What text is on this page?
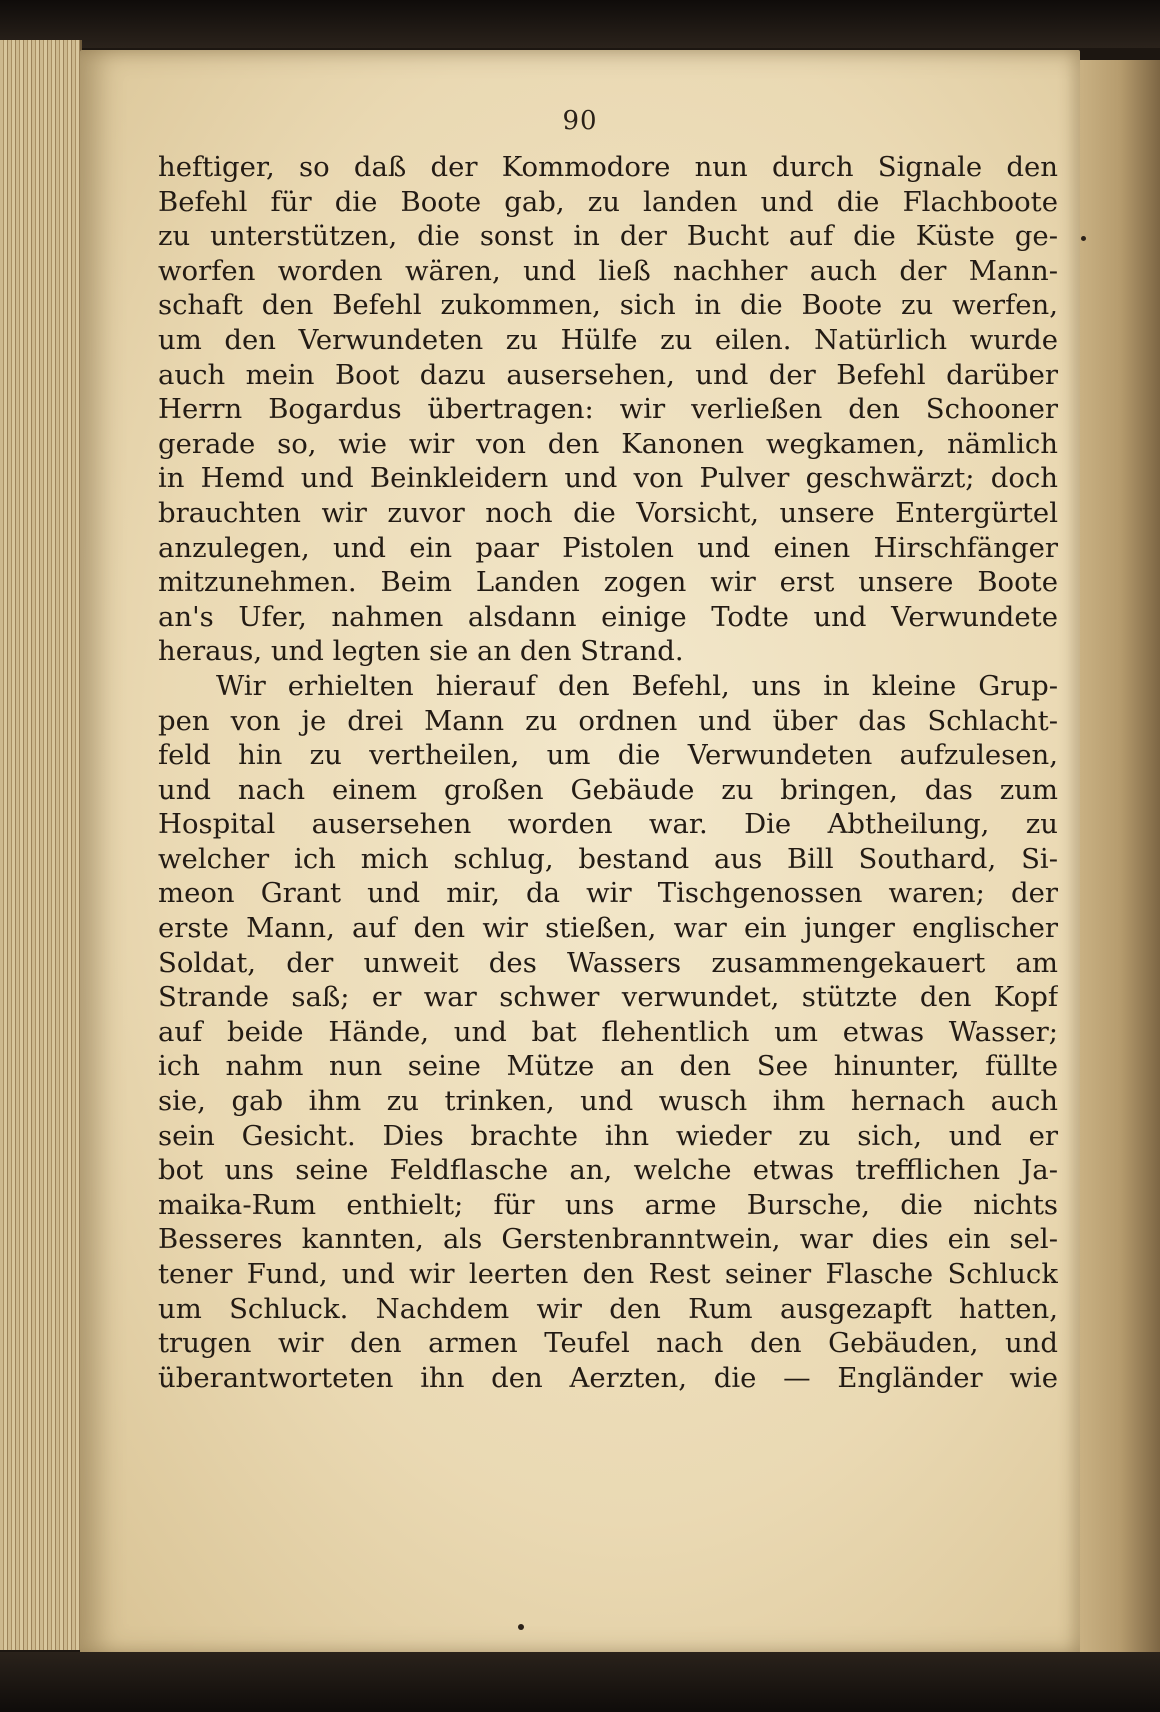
90
heftiger, so daß der Kommodore nun durch Signale den
Befehl für die Boote gab, zu landen und die Flachboote
zu unterstützen, die sonst in der Bucht auf die Küste ge-
worfen worden wären, und ließ nachher auch der Mann-
schaft den Befehl zukommen, sich in die Boote zu werfen,
um den Verwundeten zu Hülfe zu eilen. Natürlich wurde
auch mein Boot dazu ausersehen, und der Befehl darüber
Herrn Bogardus übertragen: wir verließen den Schooner
gerade so, wie wir von den Kanonen wegkamen, nämlich
in Hemd und Beinkleidern und von Pulver geschwärzt; doch
brauchten wir zuvor noch die Vorsicht, unsere Entergürtel
anzulegen, und ein paar Pistolen und einen Hirschfänger
mitzunehmen. Beim Landen zogen wir erst unsere Boote
an's Ufer, nahmen alsdann einige Todte und Verwundete
heraus, und legten sie an den Strand.
Wir erhielten hierauf den Befehl, uns in kleine Grup-
pen von je drei Mann zu ordnen und über das Schlacht-
feld hin zu vertheilen, um die Verwundeten aufzulesen,
und nach einem großen Gebäude zu bringen, das zum
Hospital ausersehen worden war. Die Abtheilung, zu
welcher ich mich schlug, bestand aus Bill Southard, Si-
meon Grant und mir, da wir Tischgenossen waren; der
erste Mann, auf den wir stießen, war ein junger englischer
Soldat, der unweit des Wassers zusammengekauert am
Strande saß; er war schwer verwundet, stützte den Kopf
auf beide Hände, und bat flehentlich um etwas Wasser;
ich nahm nun seine Mütze an den See hinunter, füllte
sie, gab ihm zu trinken, und wusch ihm hernach auch
sein Gesicht. Dies brachte ihn wieder zu sich, und er
bot uns seine Feldflasche an, welche etwas trefflichen Ja-
maika-Rum enthielt; für uns arme Bursche, die nichts
Besseres kannten, als Gerstenbranntwein, war dies ein sel-
tener Fund, und wir leerten den Rest seiner Flasche Schluck
um Schluck. Nachdem wir den Rum ausgezapft hatten,
trugen wir den armen Teufel nach den Gebäuden, und
überantworteten ihn den Aerzten, die — Engländer wie
